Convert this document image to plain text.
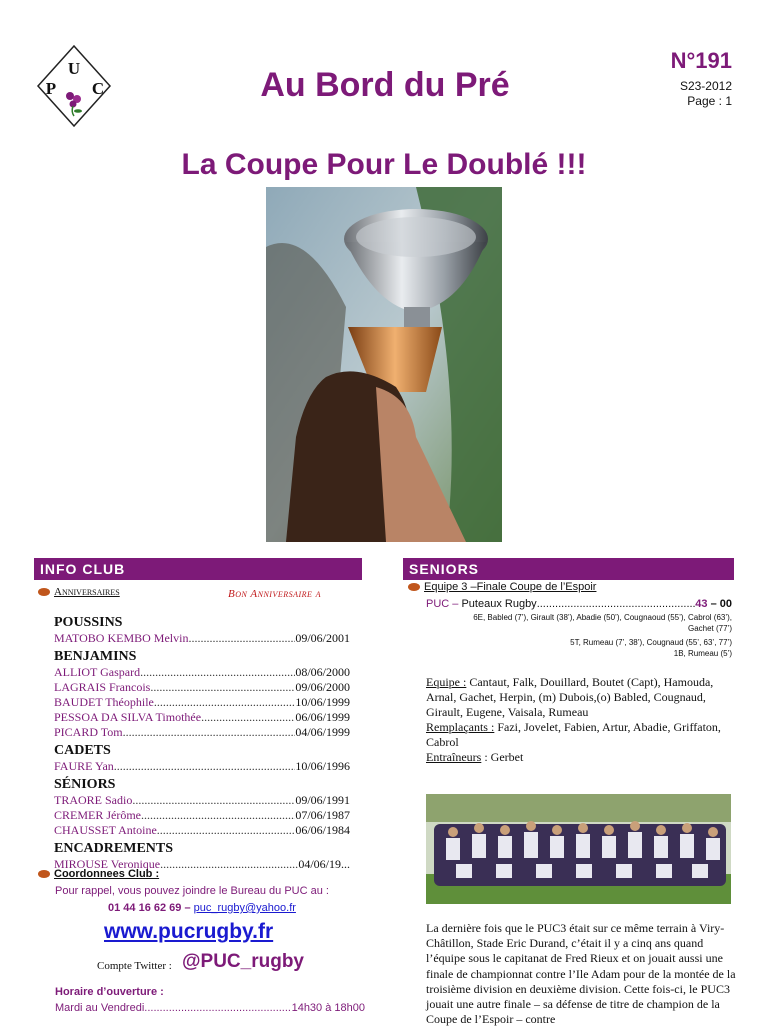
U
P C	Au Bord du Pré
N°191
S23-2012
Page : 1
La Coupe Pour Le Doublé !!!
INFO CLUB
Anniversaires	Bon Anniversaire a
POUSSINS
MATOBO KEMBO Melvin .....	09/06/2001
BENJAMINS
ALLIOT Gaspard .....	08/06/2000
LAGRAIS Francois .....	09/06/2000
BAUDET Théophile .....	10/06/1999
PESSOA DA SILVA Timothée .....	06/06/1999
PICARD Tom .....	04/06/1999
CADETS
FAURE Yan .....	10/06/1996
SÉNIORS
TRAORE Sadio .....	09/06/1991
CREMER Jérôme .....	07/06/1987
CHAUSSET Antoine .....	06/06/1984
ENCADREMENTS
MIROUSE Veronique .....	04/06/19...
Coordonnees Club :
Pour rappel, vous pouvez joindre le Bureau du PUC au :
01 44 16 62 69 – puc_rugby@yahoo.fr
www.pucrugby.fr
Compte Twitter : @PUC_rugby
Horaire d’ouverture :
Mardi au Vendredi .....	14h30 à 18h00
SENIORS
Equipe 3 –Finale Coupe de l’Espoir
PUC –
Puteaux Rugby .....	43 – 00
6E, Babled (7’), Girault (38’), Abadie (50’), Cougnaoud (55’), Cabrol (63’),
Gachet (77’)
5T, Rumeau (7’, 38’), Cougnaud (55’, 63’, 77’)
1B, Rumeau (5’)
Equipe : Cantaut, Falk, Douillard, Boutet (Capt), Hamouda, Arnal, Gachet, Herpin, (m) Dubois,(o) Babled, Cougnaud, Girault, Eugene, Vaisala, Rumeau
Remplaçants : Fazi, Jovelet, Fabien, Artur, Abadie, Griffaton, Cabrol
Entraîneurs : Gerbet
La dernière fois que le PUC3 était sur ce même terrain à Viry-Châtillon, Stade Eric Durand, c’était il y a cinq ans quand l’équipe sous le capitanat de Fred Rieux et on jouait aussi une finale de championnat contre l’Ile Adam pour de la montée de la troisième division en deuxième division. Cette fois-ci, le PUC3 jouait une autre finale – sa défense de titre de champion de la Coupe de l’Espoir – contre
